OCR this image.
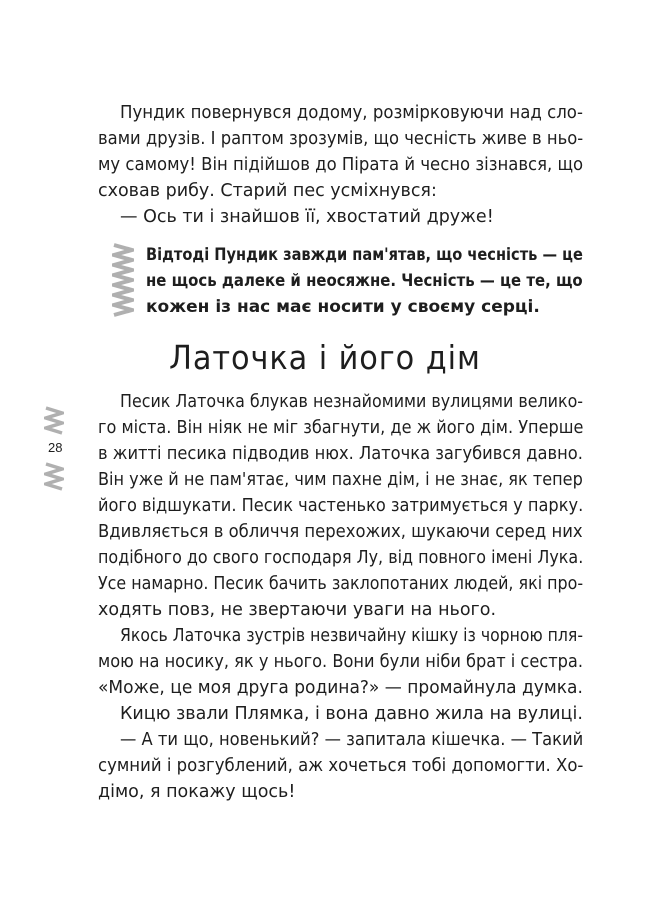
Пундик повернувся додому, розмірковуючи над сло-
вами друзів. І раптом зрозумів, що чесність живе в ньо-
му самому! Він підійшов до Пірата й чесно зізнався, що
сховав рибу. Старий пес усміхнувся:
— Ось ти і знайшов її, хвостатий друже!
Відтоді Пундик завжди пам'ятав, що чесність — це
не щось далеке й неосяжне. Чесність — це те, що
кожен із нас має носити у своєму серці.
Латочка і його дім
28
Песик Латочка блукав незнайомими вулицями велико-
го міста. Він ніяк не міг збагнути, де ж його дім. Уперше
в житті песика підводив нюх. Латочка загубився давно.
Він уже й не пам'ятає, чим пахне дім, і не знає, як тепер
його відшукати. Песик частенько затримується у парку.
Вдивляється в обличчя перехожих, шукаючи серед них
подібного до свого господаря Лу, від повного імені Лука.
Усе намарно. Песик бачить заклопотаних людей, які про-
ходять повз, не звертаючи уваги на нього.
Якось Латочка зустрів незвичайну кішку із чорною пля-
мою на носику, як у нього. Вони були ніби брат і сестра.
«Може, це моя друга родина?» — промайнула думка.
Кицю звали Плямка, і вона давно жила на вулиці.
— А ти що, новенький? — запитала кішечка. — Такий
сумний і розгублений, аж хочеться тобі допомогти. Хо-
дімо, я покажу щось!
